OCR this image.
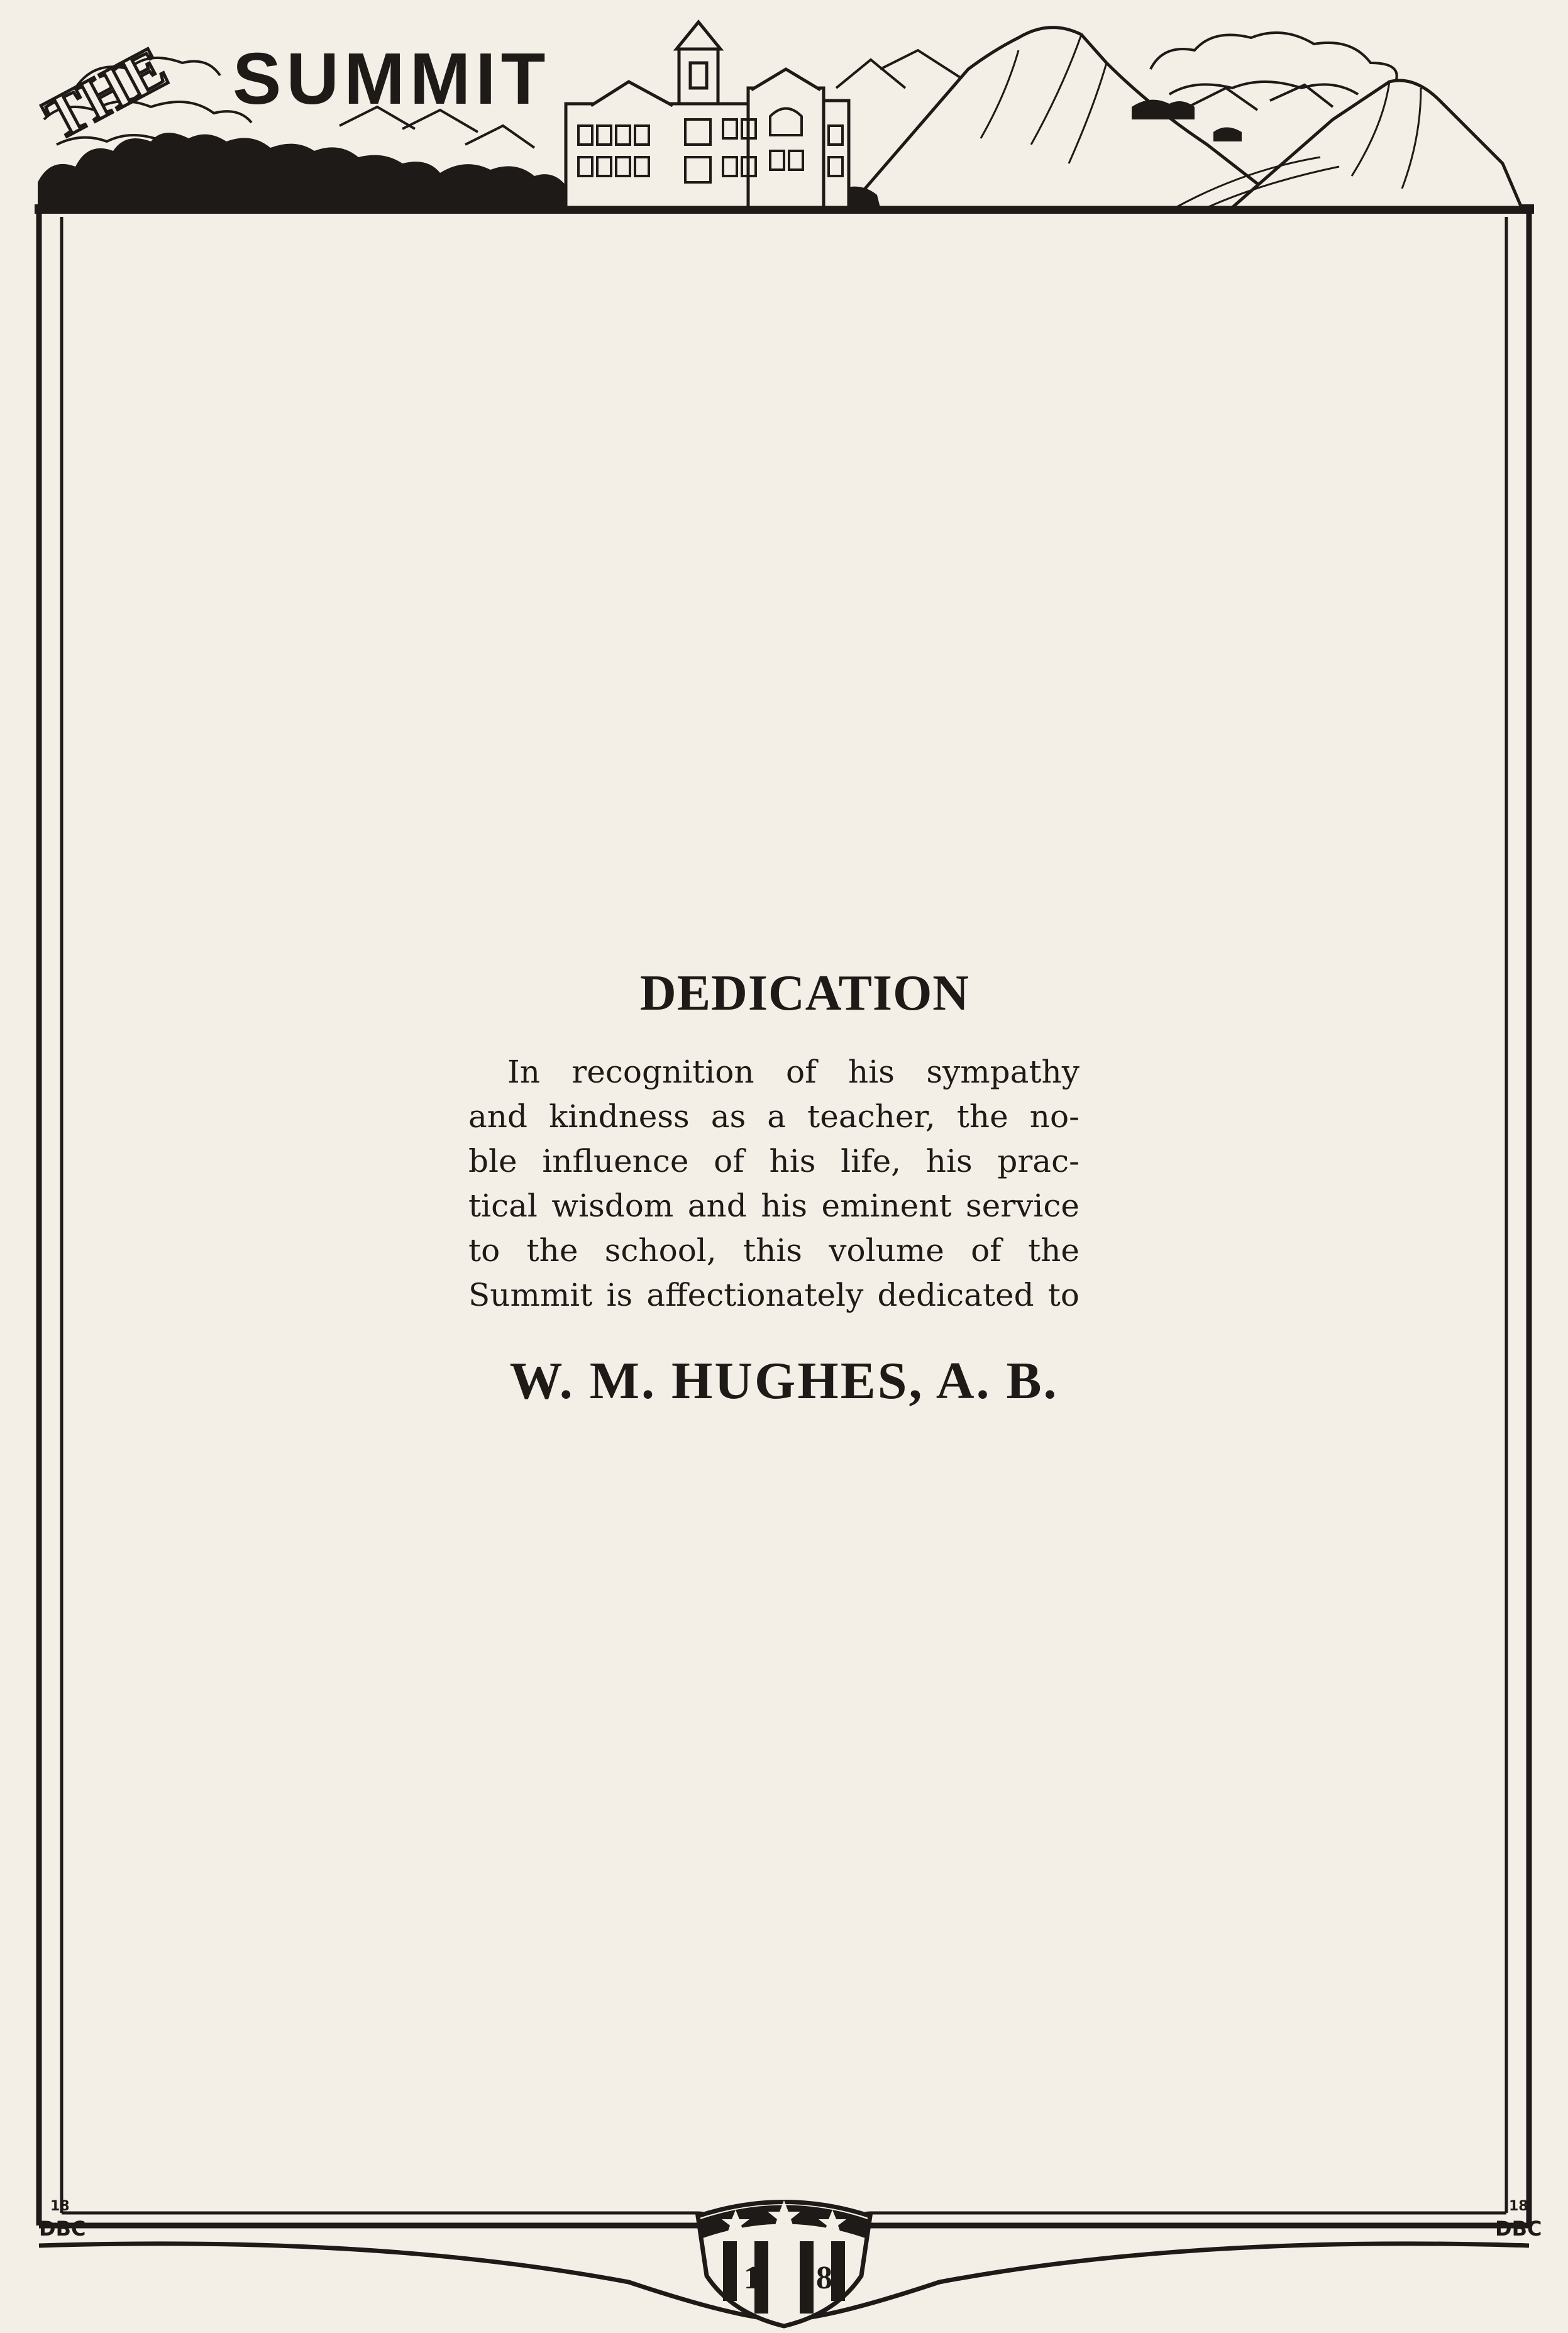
THE SUMMIT
18
DBC
18
DBC
1 8
DEDICATION
In recognition of his sympathy
and kindness as a teacher, the no-
ble influence of his life, his prac-
tical wisdom and his eminent service
to the school, this volume of the
Summit is affectionately dedicated to
W. M. HUGHES, A. B.
